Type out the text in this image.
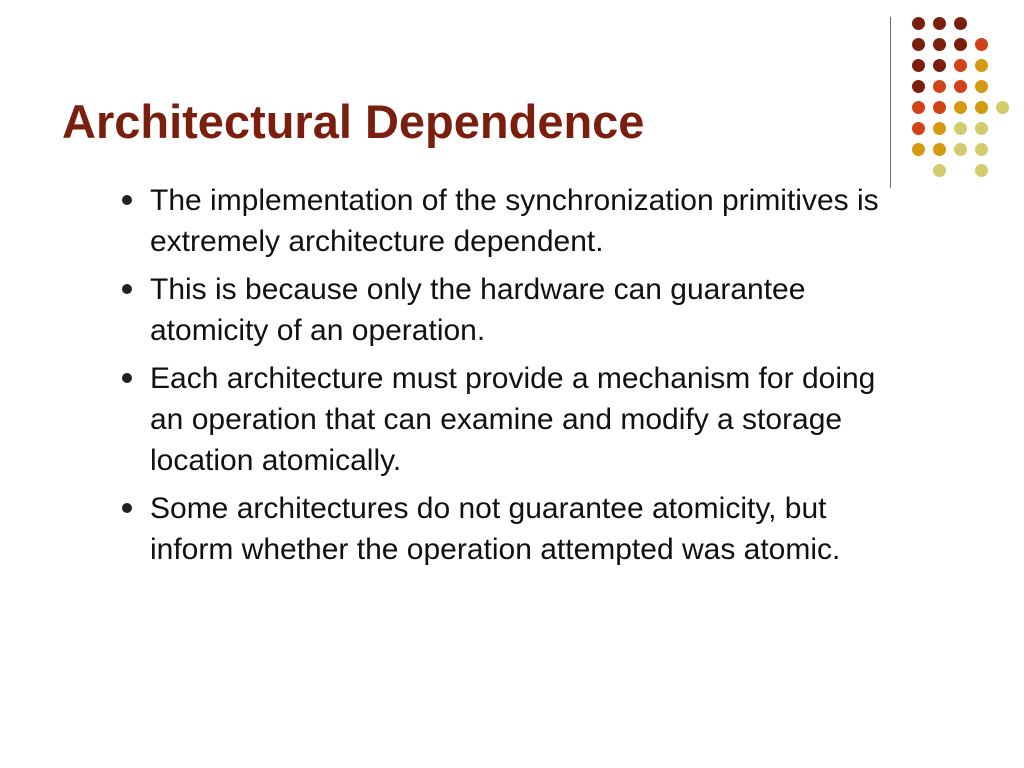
Architectural Dependence
The implementation of the synchronization primitives is extremely architecture dependent.
This is because only the hardware can guarantee atomicity of an operation.
Each architecture must provide a mechanism for doing an operation that can examine and modify a storage location atomically.
Some architectures do not guarantee atomicity, but inform whether the operation attempted was atomic.
